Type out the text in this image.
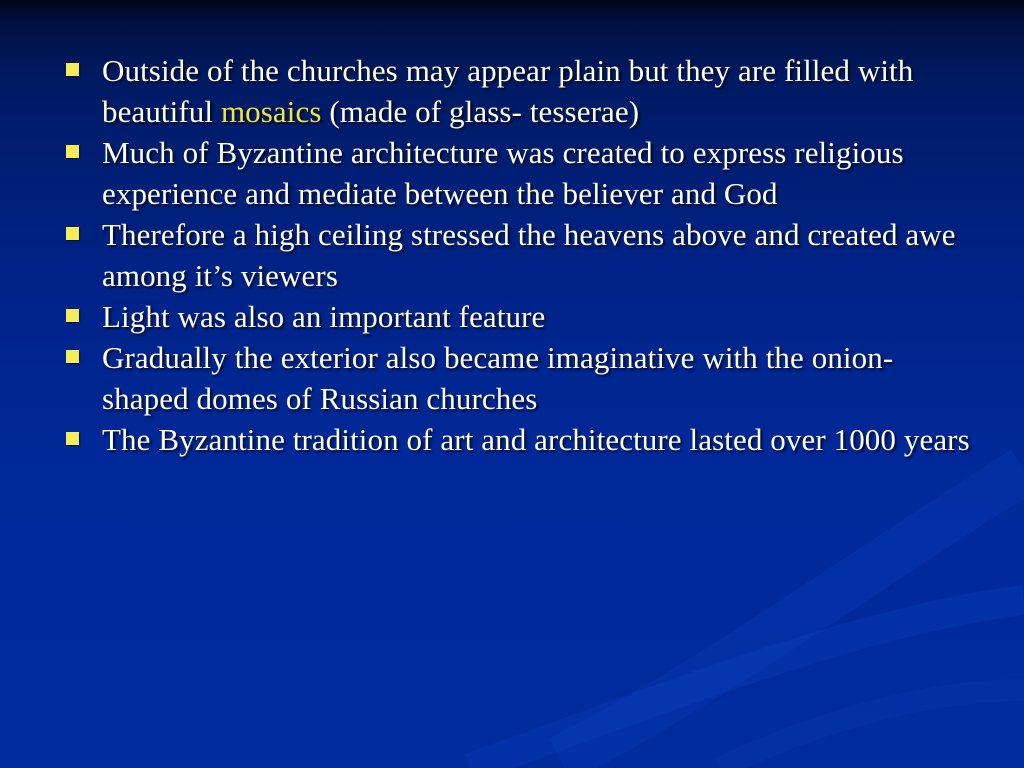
Outside of the churches may appear plain but they are filled with beautiful mosaics (made of glass- tesserae)
Much of Byzantine architecture was created to express religious experience and mediate between the believer and God
Therefore a high ceiling stressed the heavens above and created awe among it’s viewers
Light was also an important feature
Gradually the exterior also became imaginative with the onion-shaped domes of Russian churches
The Byzantine tradition of art and architecture lasted over 1000 years
